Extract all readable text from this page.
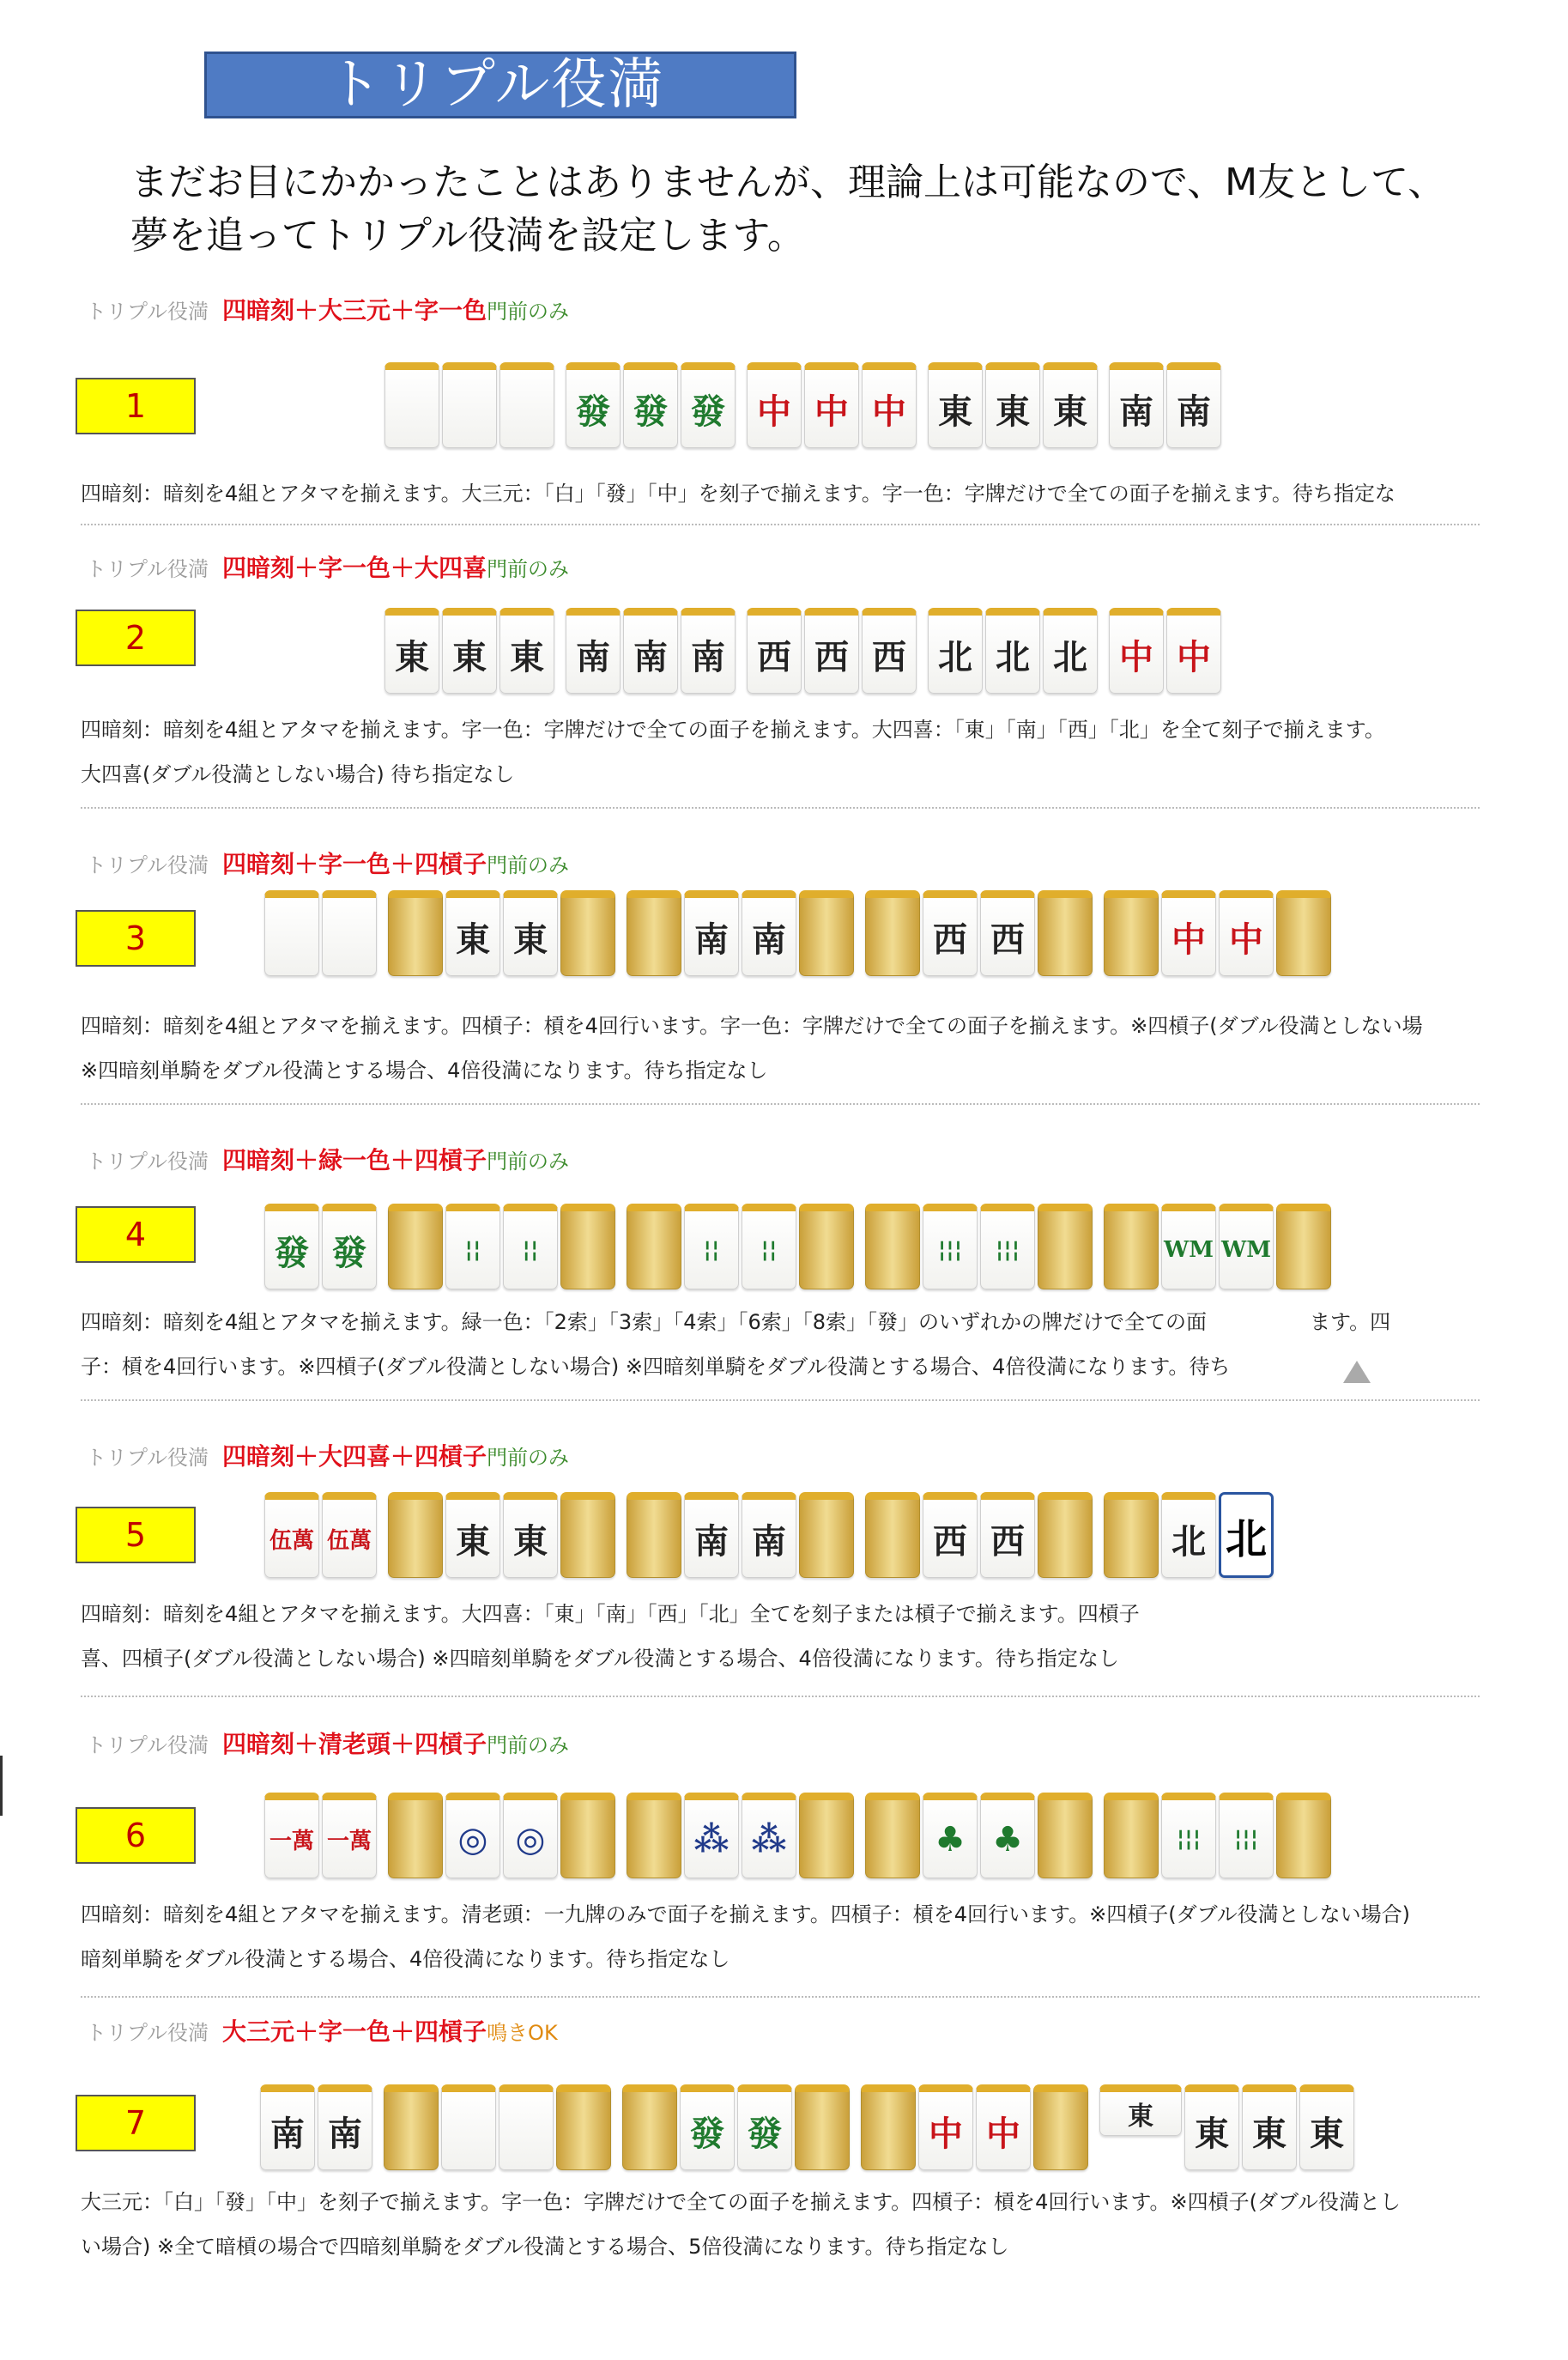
トリプル役満
まだお目にかかったことはありませんが、理論上は可能なので、M友として、夢を追ってトリプル役満を設定します。
トリプル役満 四暗刻＋大三元＋字一色門前のみ
1	發 發 發 中 中 中 東 東 東 南 南
四暗刻：暗刻を4組とアタマを揃えます。大三元：「白」「發」「中」を刻子で揃えます。字一色：字牌だけで全ての面子を揃えます。待ち指定な
トリプル役満 四暗刻＋字一色＋大四喜門前のみ
2	東 東 東 南 南 南 西 西 西 北 北 北 中 中
四暗刻：暗刻を4組とアタマを揃えます。字一色：字牌だけで全ての面子を揃えます。大四喜：「東」「南」「西」「北」を全て刻子で揃えます。
大四喜(ダブル役満としない場合) 待ち指定なし
トリプル役満 四暗刻＋字一色＋四槓子門前のみ
3	東 東	南 南	西 西	中 中
四暗刻：暗刻を4組とアタマを揃えます。四槓子：槓を4回行います。字一色：字牌だけで全ての面子を揃えます。※四槓子(ダブル役満としない場
※四暗刻単騎をダブル役満とする場合、4倍役満になります。待ち指定なし
トリプル役満 四暗刻＋緑一色＋四槓子門前のみ
4	發 發	¦¦	¦¦	¦¦	¦¦	¦¦¦	¦¦¦	WM WM
四暗刻：暗刻を4組とアタマを揃えます。緑一色：「2索」「3索」「4索」「6索」「8索」「發」のいずれかの牌だけで全ての面　　　　　ます。四
子：槓を4回行います。※四槓子(ダブル役満としない場合) ※四暗刻単騎をダブル役満とする場合、4倍役満になります。待ち
トリプル役満 四暗刻＋大四喜＋四槓子門前のみ
5	伍萬 伍萬	東 東	南 南	西 西	北 北
四暗刻：暗刻を4組とアタマを揃えます。大四喜：「東」「南」「西」「北」全てを刻子または槓子で揃えます。四槓子
喜、四槓子(ダブル役満としない場合) ※四暗刻単騎をダブル役満とする場合、4倍役満になります。待ち指定なし
トリプル役満 四暗刻＋清老頭＋四槓子門前のみ
6	一萬 一萬	◎ ◎	⁂ ⁂	♣ ♣	¦¦¦	¦¦¦
四暗刻：暗刻を4組とアタマを揃えます。清老頭：一九牌のみで面子を揃えます。四槓子：槓を4回行います。※四槓子(ダブル役満としない場合)
暗刻単騎をダブル役満とする場合、4倍役満になります。待ち指定なし
トリプル役満 大三元＋字一色＋四槓子鳴きOK
7	南 南	發 發	中 中	東	東 東 東
大三元：「白」「發」「中」を刻子で揃えます。字一色：字牌だけで全ての面子を揃えます。四槓子：槓を4回行います。※四槓子(ダブル役満とし
い場合) ※全て暗槓の場合で四暗刻単騎をダブル役満とする場合、5倍役満になります。待ち指定なし
